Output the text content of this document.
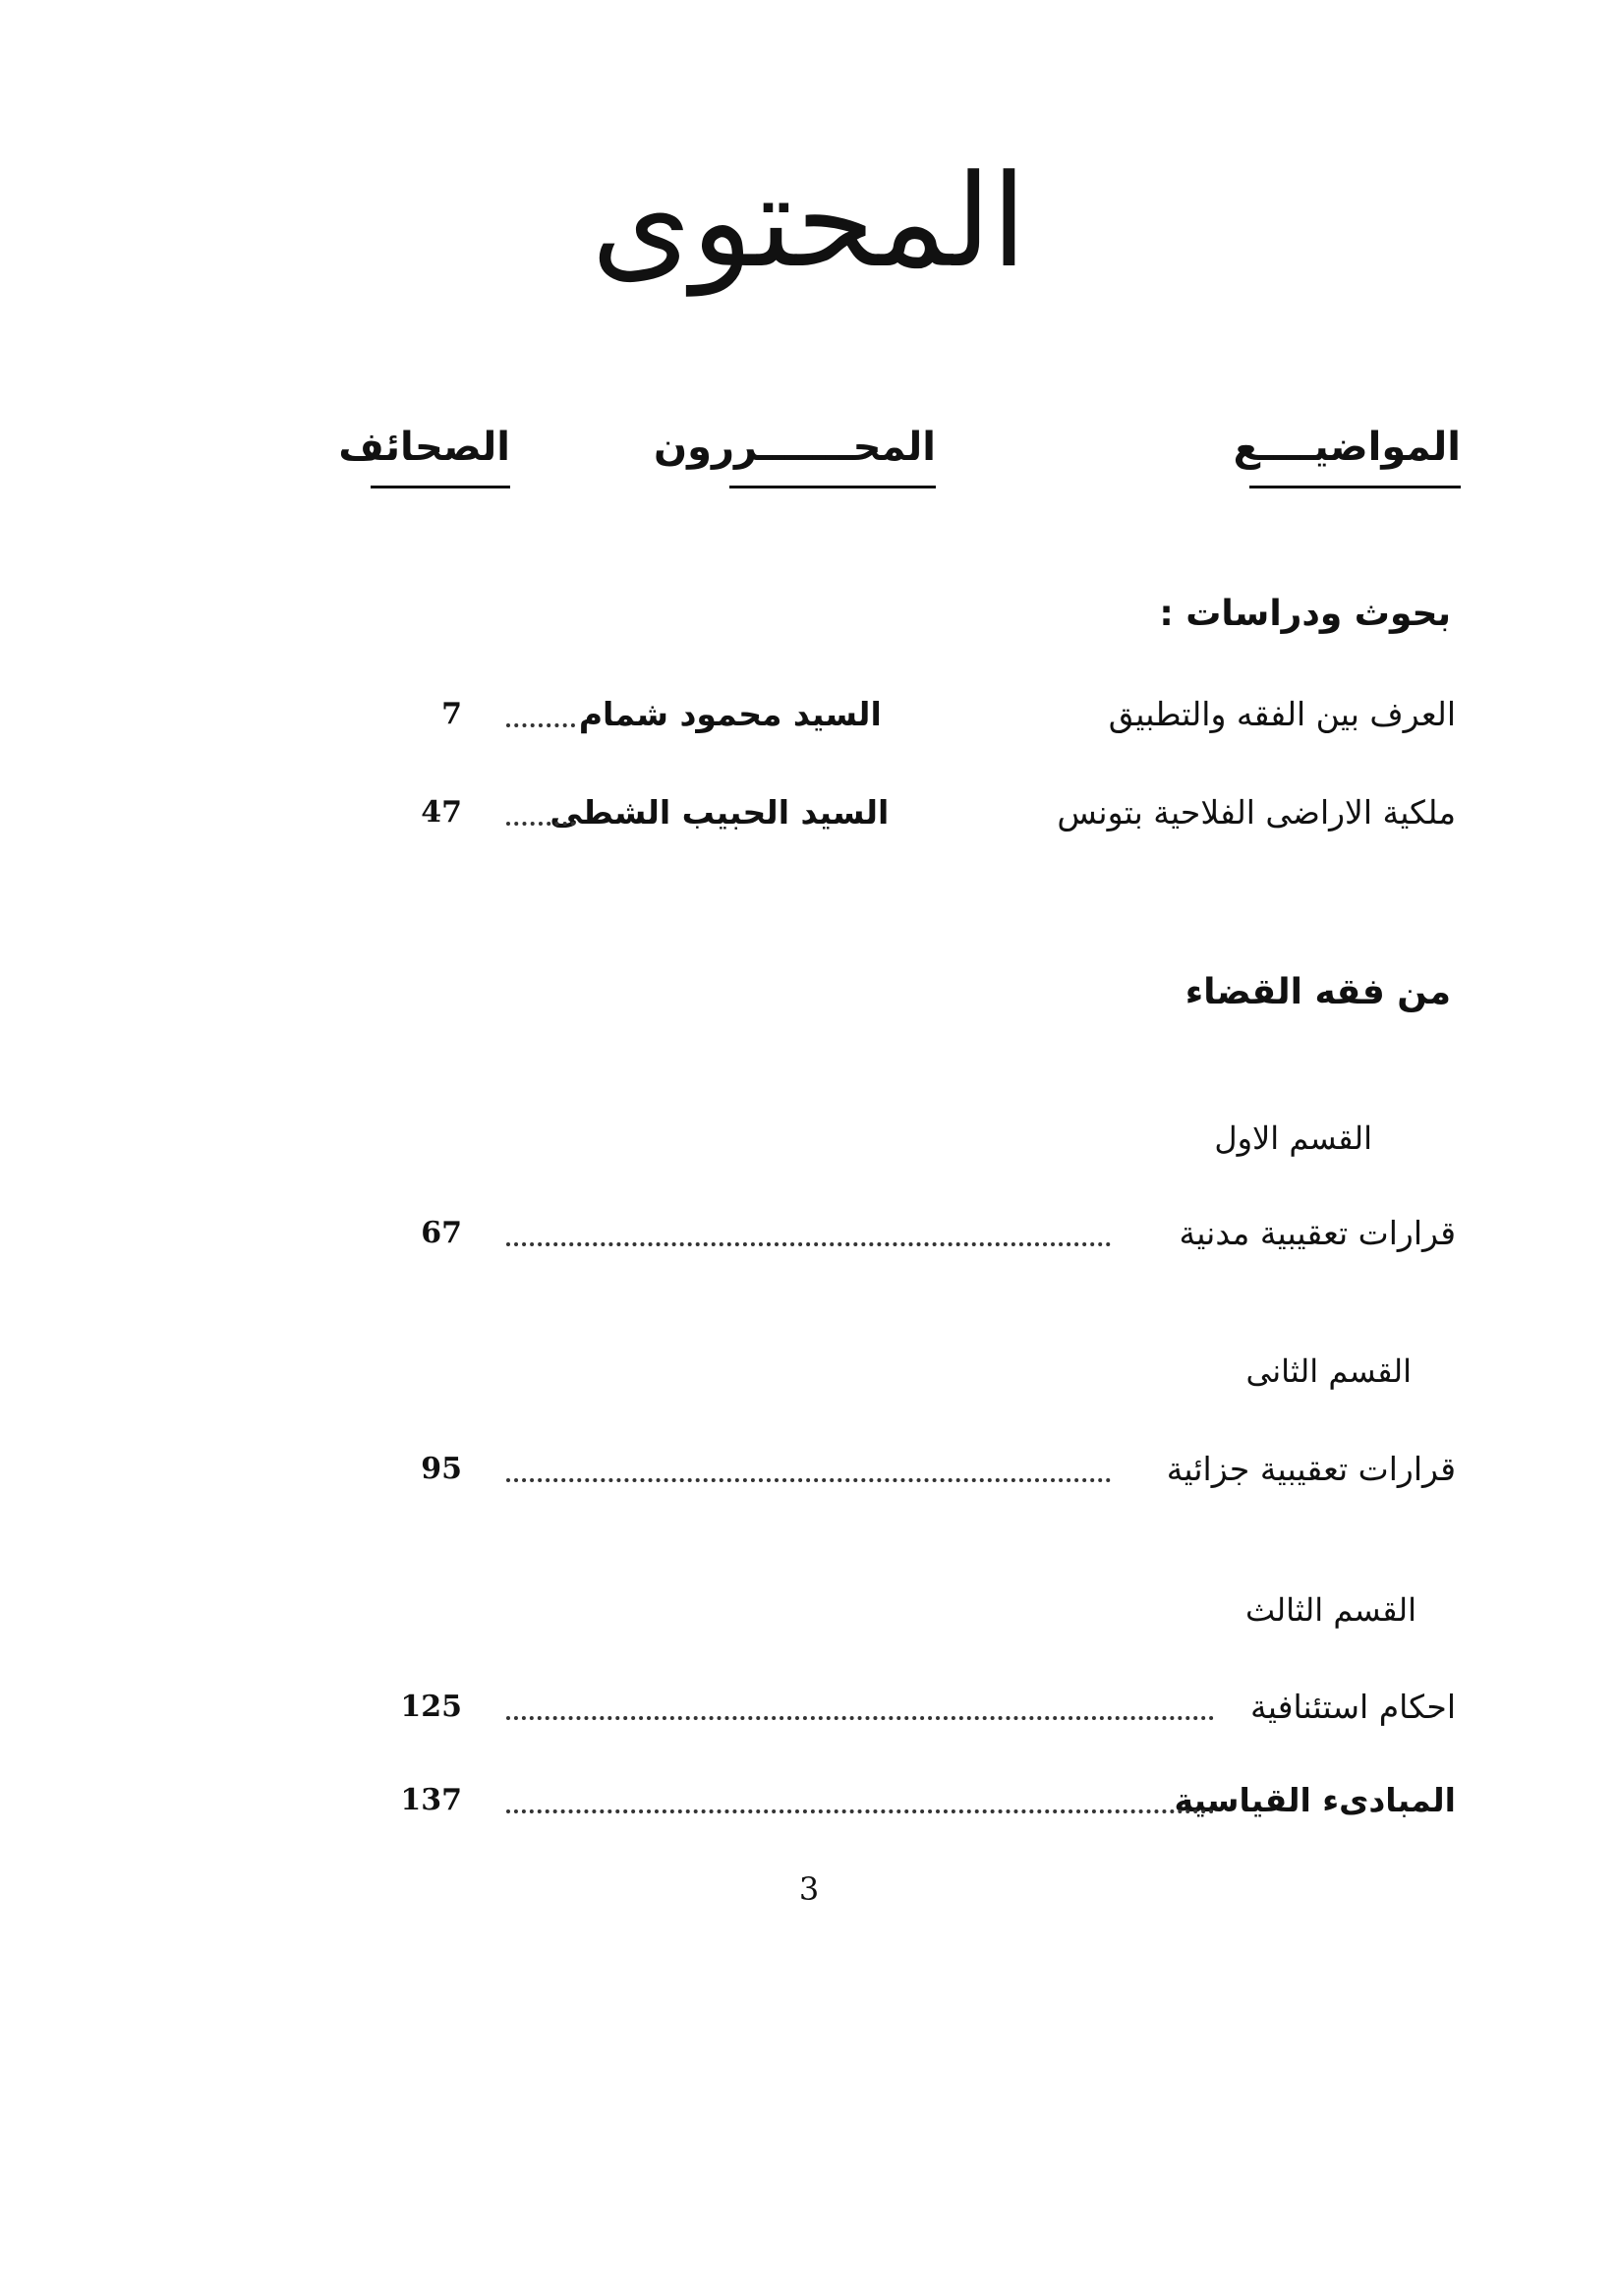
المحتوى
المواضيــــع
المحـــــــررون
الصحائف
بحوث ودراسات :
العرف بين الفقه والتطبيق  السيد محمود شمام
7
ملكية الاراضى الفلاحية بتونس  السيد الحبيب الشطى
47
من فقه القضاء
القسم الاول
قرارات تعقيبية مدنية
67
القسم الثانى
قرارات تعقيبية جزائية
95
القسم الثالث
احكام استئنافية
125
المبادىء القياسية
137
3
